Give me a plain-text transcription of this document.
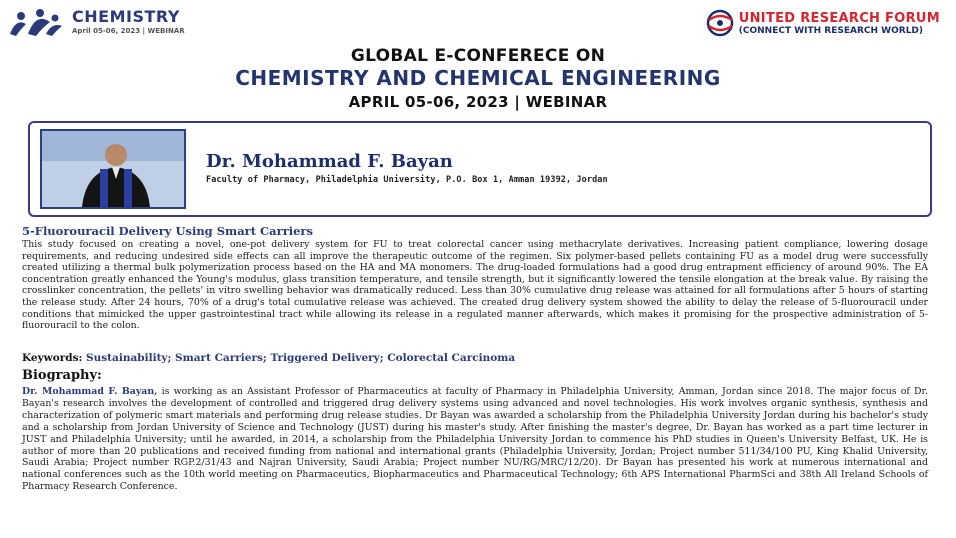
CHEMISTRY
April 05-06, 2023 | WEBINAR
UNITED RESEARCH FORUM
(CONNECT WITH RESEARCH WORLD)
GLOBAL E-CONFERECE ON
CHEMISTRY AND CHEMICAL ENGINEERING
APRIL 05-06, 2023 | WEBINAR
Dr. Mohammad F. Bayan
Faculty of Pharmacy, Philadelphia University, P.O. Box 1, Amman 19392, Jordan
5-Fluorouracil Delivery Using Smart Carriers
This study focused on creating a novel, one-pot delivery system for FU to treat colorectal cancer using methacrylate derivatives. Increasing patient compliance, lowering dosage requirements, and reducing undesired side effects can all improve the therapeutic outcome of the regimen. Six polymer-based pellets containing FU as a model drug were successfully created utilizing a thermal bulk polymerization process based on the HA and MA monomers. The drug-loaded formulations had a good drug entrapment efficiency of around 90%. The EA concentration greatly enhanced the Young's modulus, glass transition temperature, and tensile strength, but it significantly lowered the tensile elongation at the break value. By raising the crosslinker concentration, the pellets' in vitro swelling behavior was dramatically reduced. Less than 30% cumulative drug release was attained for all formulations after 5 hours of starting the release study. After 24 hours, 70% of a drug's total cumulative release was achieved. The created drug delivery system showed the ability to delay the release of 5-fluorouracil under conditions that mimicked the upper gastrointestinal tract while allowing its release in a regulated manner afterwards, which makes it promising for the prospective administration of 5-fluorouracil to the colon.
Keywords: Sustainability; Smart Carriers; Triggered Delivery; Colorectal Carcinoma
Biography:
Dr. Mohammad F. Bayan, is working as an Assistant Professor of Pharmaceutics at faculty of Pharmacy in Philadelphia University, Amman, Jordan since 2018. The major focus of Dr. Bayan's research involves the development of controlled and triggered drug delivery systems using advanced and novel technologies. His work involves organic synthesis, synthesis and characterization of polymeric smart materials and performing drug release studies. Dr Bayan was awarded a scholarship from the Philadelphia University Jordan during his bachelor's study and a scholarship from Jordan University of Science and Technology (JUST) during his master's study. After finishing the master's degree, Dr. Bayan has worked as a part time lecturer in JUST and Philadelphia University; until he awarded, in 2014, a scholarship from the Philadelphia University Jordan to commence his PhD studies in Queen's University Belfast, UK. He is author of more than 20 publications and received funding from national and international grants (Philadelphia University, Jordan; Project number 511/34/100 PU, King Khalid University, Saudi Arabia; Project number RGP.2/31/43 and Najran University, Saudi Arabia; Project number NU/RG/MRC/12/20). Dr Bayan has presented his work at numerous international and national conferences such as the 10th world meeting on Pharmaceutics, Biopharmaceutics and Pharmaceutical Technology; 6th APS International PharmSci and 38th All Ireland Schools of Pharmacy Research Conference.
